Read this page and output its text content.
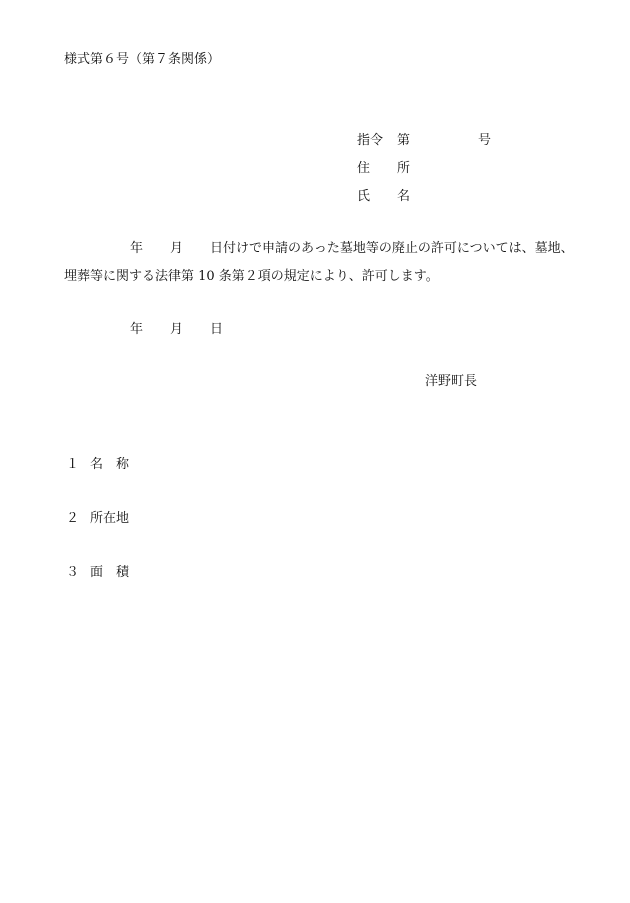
様式第６号（第７条関係）
指令 第	号
住 所
氏 名
年 月 日付けで申請のあった墓地等の廃止の許可については、墓地、
埋葬等に関する法律第 10 条第２項の規定により、許可します。
年 月 日
洋野町長
１ 名　称
２ 所在地
３ 面　積
